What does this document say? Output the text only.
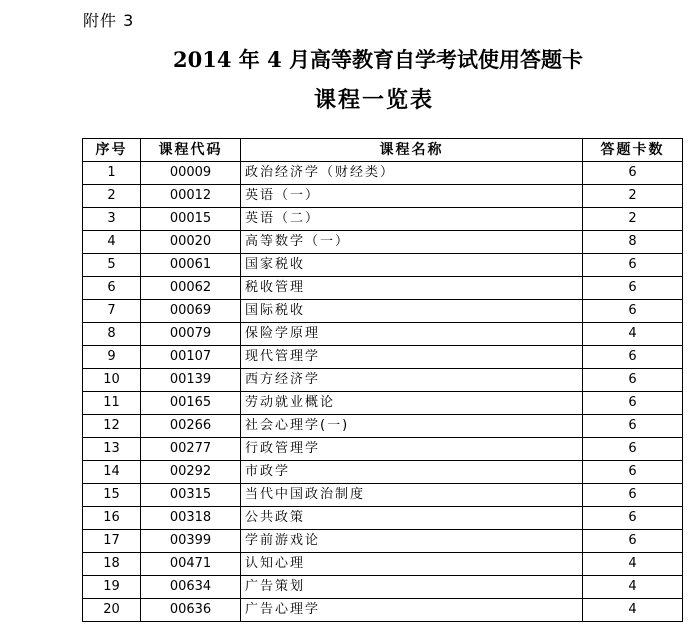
附件 3
2014 年 4 月高等教育自学考试使用答题卡
课程一览表
序号	课程代码	课程名称	答题卡数
1	00009	政治经济学（财经类）	6
2	00012	英语（一）	2
3	00015	英语（二）	2
4	00020	高等数学（一）	8
5	00061	国家税收	6
6	00062	税收管理	6
7	00069	国际税收	6
8	00079	保险学原理	4
9	00107	现代管理学	6
10	00139	西方经济学	6
11	00165	劳动就业概论	6
12	00266	社会心理学(一)	6
13	00277	行政管理学	6
14	00292	市政学	6
15	00315	当代中国政治制度	6
16	00318	公共政策	6
17	00399	学前游戏论	6
18	00471	认知心理	4
19	00634	广告策划	4
20	00636	广告心理学	4
